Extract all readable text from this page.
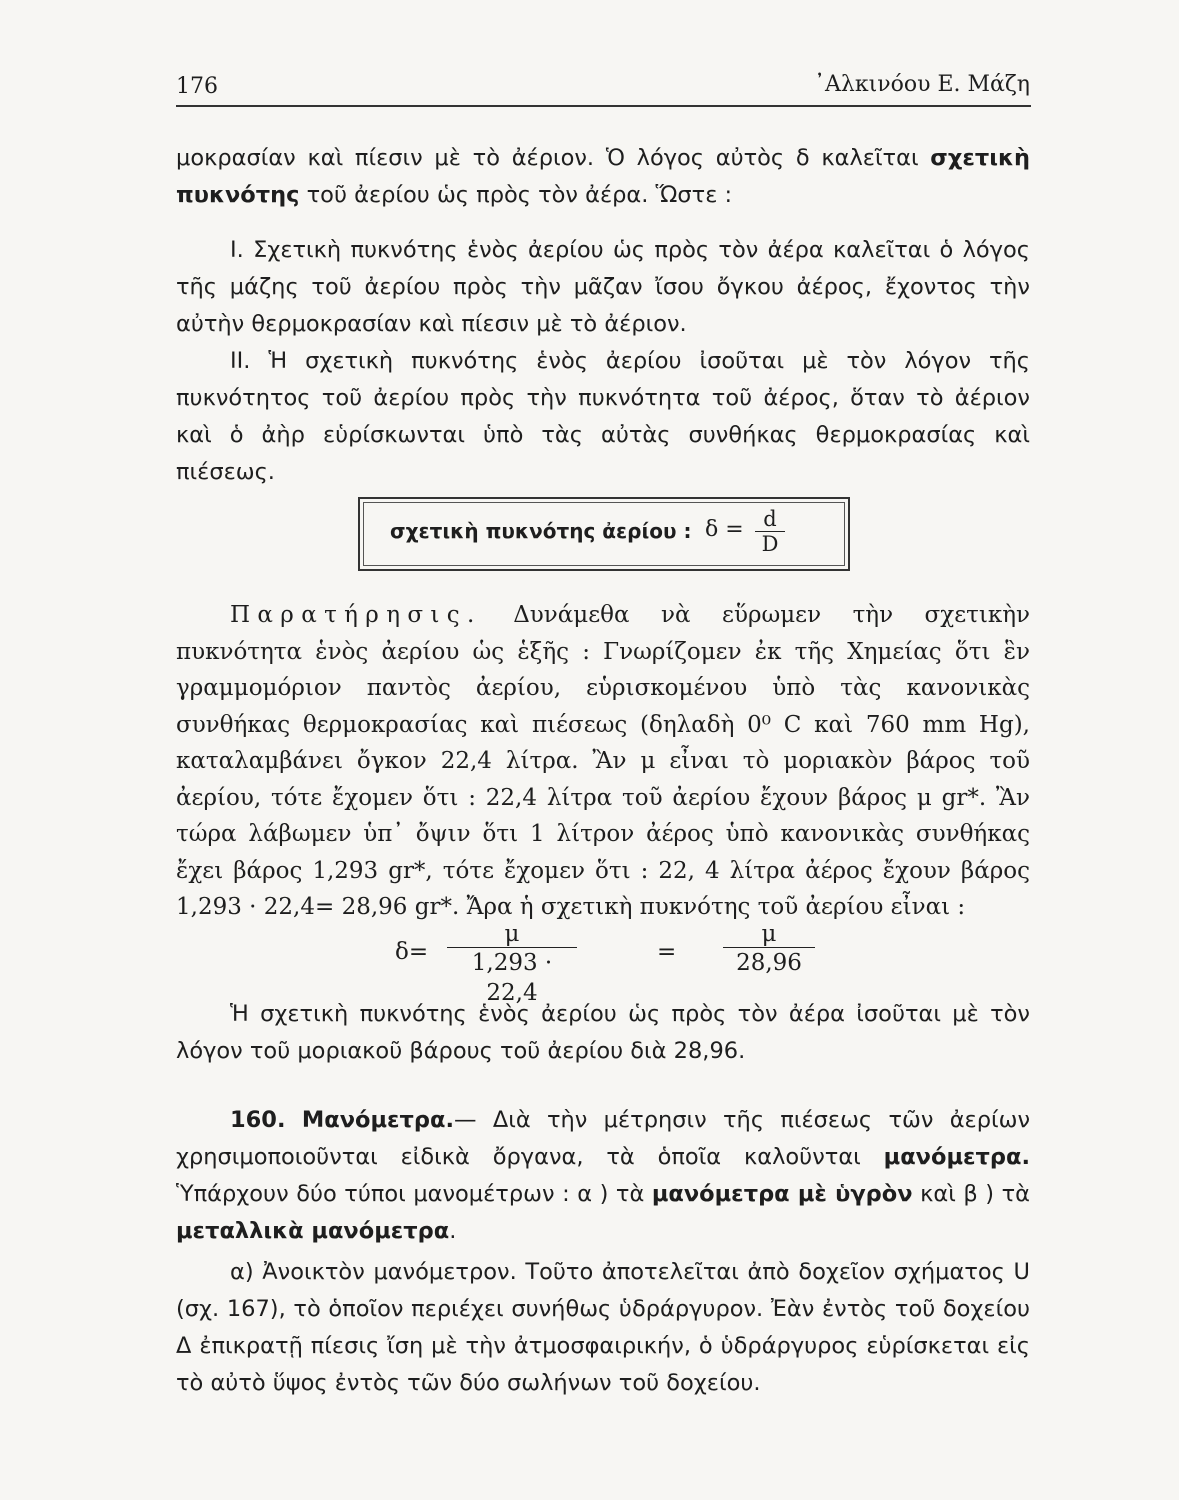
176	᾿Αλκινόου Ε. Μάζη

μοκρασίαν καὶ πίεσιν μὲ τὸ ἀέριον. Ὁ λόγος αὐτὸς δ καλεῖται σχετικὴ πυκνότης τοῦ ἀερίου ὡς πρὸς τὸν ἀέρα. Ὥστε :

Ι. Σχετικὴ πυκνότης ἑνὸς ἀερίου ὡς πρὸς τὸν ἀέρα καλεῖται ὁ λόγος τῆς μάζης τοῦ ἀερίου πρὸς τὴν μᾶζαν ἴσου ὄγκου ἀέρος, ἔχοντος τὴν αὐτὴν θερμοκρασίαν καὶ πίεσιν μὲ τὸ ἀέριον.

ΙΙ. Ἡ σχετικὴ πυκνότης ἑνὸς ἀερίου ἰσοῦται μὲ τὸν λόγον τῆς πυκνότητος τοῦ ἀερίου πρὸς τὴν πυκνότητα τοῦ ἀέρος, ὅταν τὸ ἀέριον καὶ ὁ ἀὴρ εὑρίσκωνται ὑπὸ τὰς αὐτὰς συνθήκας θερμοκρασίας καὶ πιέσεως.

σχετικὴ πυκνότης ἀερίου : $\delta = \frac{d}{D}$

Παρατήρησις. Δυνάμεθα νὰ εὕρωμεν τὴν σχετικὴν πυκνότητα ἑνὸς ἀερίου ὡς ἑξῆς : Γνωρίζομεν ἐκ τῆς Χημείας ὅτι ἓν γραμμομόριον παντὸς ἀερίου, εὑρισκομένου ὑπὸ τὰς κανονικὰς συνθήκας θερμοκρασίας καὶ πιέσεως (δηλαδὴ 0⁰ C καὶ 760 mm Hg), καταλαμβάνει ὄγκον 22,4 λίτρα. Ἂν μ εἶναι τὸ μοριακὸν βάρος τοῦ ἀερίου, τότε ἔχομεν ὅτι : 22,4 λίτρα τοῦ ἀερίου ἔχουν βάρος μ gr*. Ἂν τώρα λάβωμεν ὑπ᾿ ὄψιν ὅτι 1 λίτρον ἀέρος ὑπὸ κανονικὰς συνθήκας ἔχει βάρος 1,293 gr*, τότε ἔχομεν ὅτι : 22, 4 λίτρα ἀέρος ἔχουν βάρος 1,293 · 22,4= 28,96 gr*. Ἄρα ἡ σχετικὴ πυκνότης τοῦ ἀερίου εἶναι :

$\delta= \frac{\mu}{1,293 \cdot 22,4}$	= $\frac{\mu}{28,96}$

Ἡ σχετικὴ πυκνότης ἑνὸς ἀερίου ὡς πρὸς τὸν ἀέρα ἰσοῦται μὲ τὸν λόγον τοῦ μοριακοῦ βάρους τοῦ ἀερίου διὰ 28,96.

160. Μανόμετρα.— Διὰ τὴν μέτρησιν τῆς πιέσεως τῶν ἀερίων χρησιμοποιοῦνται εἰδικὰ ὄργανα, τὰ ὁποῖα καλοῦνται μανόμετρα. Ὑπάρχουν δύο τύποι μανομέτρων : α ) τὰ μανόμετρα μὲ ὑγρὸν καὶ β ) τὰ μεταλλικὰ μανόμετρα.

α) Ἀνοικτὸν μανόμετρον. Τοῦτο ἀποτελεῖται ἀπὸ δοχεῖον σχήματος U (σχ. 167), τὸ ὁποῖον περιέχει συνήθως ὑδράργυρον. Ἐὰν ἐντὸς τοῦ δοχείου Δ ἐπικρατῇ πίεσις ἴση μὲ τὴν ἀτμοσφαιρικήν, ὁ ὑδράργυρος εὑρίσκεται εἰς τὸ αὐτὸ ὕψος ἐντὸς τῶν δύο σωλήνων τοῦ δοχείου.
